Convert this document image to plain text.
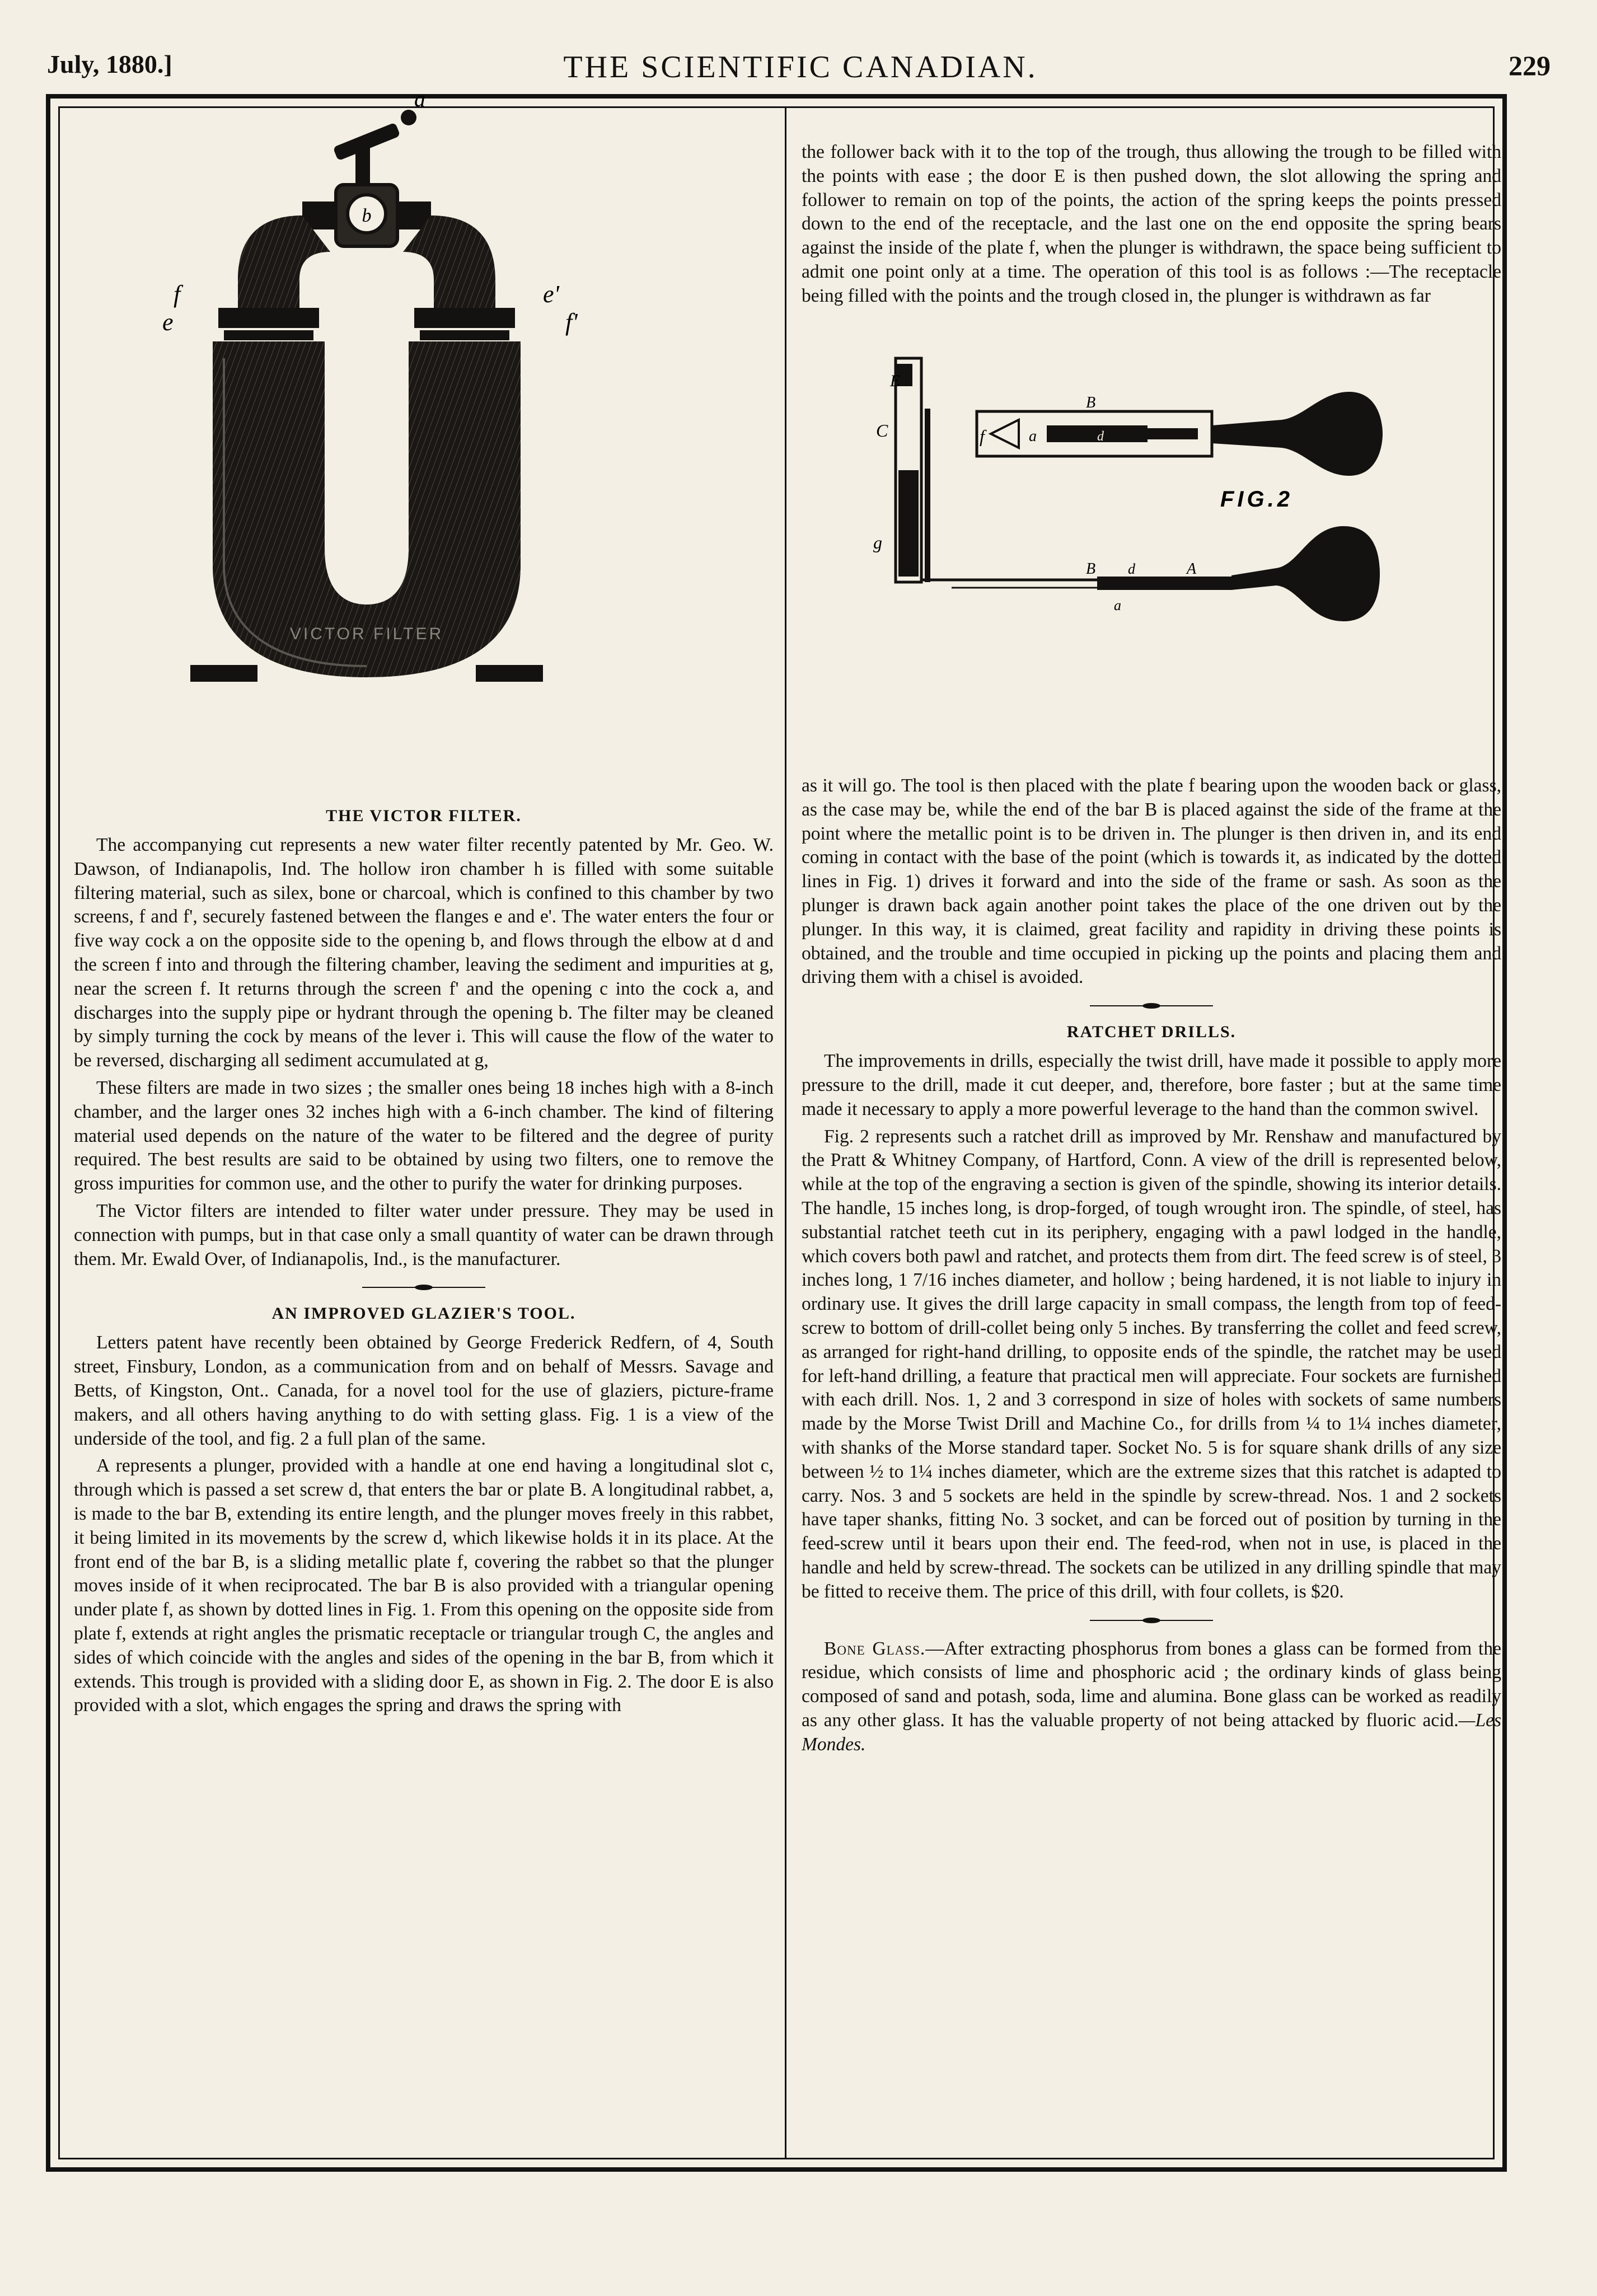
July, 1880.]	THE SCIENTIFIC CANADIAN.	229
THE VICTOR FILTER.

The accompanying cut represents a new water filter recently patented by Mr. Geo. W. Dawson, of Indianapolis, Ind. The hollow iron chamber h is filled with some suitable filtering material, such as silex, bone or charcoal, which is confined to this chamber by two screens, f and f', securely fastened between the flanges e and e'. The water enters the four or five way cock a on the opposite side to the opening b, and flows through the elbow at d and the screen f into and through the filtering chamber, leaving the sediment and impurities at g, near the screen f. It returns through the screen f' and the opening c into the cock a, and discharges into the supply pipe or hydrant through the opening b. The filter may be cleaned by simply turning the cock by means of the lever i. This will cause the flow of the water to be reversed, discharging all sediment accumulated at g,

These filters are made in two sizes ; the smaller ones being 18 inches high with a 8-inch chamber, and the larger ones 32 inches high with a 6-inch chamber. The kind of filtering material used depends on the nature of the water to be filtered and the degree of purity required. The best results are said to be obtained by using two filters, one to remove the gross impurities for common use, and the other to purify the water for drinking purposes.

The Victor filters are intended to filter water under pressure. They may be used in connection with pumps, but in that case only a small quantity of water can be drawn through them. Mr. Ewald Over, of Indianapolis, Ind., is the manufacturer.

AN IMPROVED GLAZIER'S TOOL.

Letters patent have recently been obtained by George Frederick Redfern, of 4, South street, Finsbury, London, as a communication from and on behalf of Messrs. Savage and Betts, of Kingston, Ont.. Canada, for a novel tool for the use of glaziers, picture-frame makers, and all others having anything to do with setting glass. Fig. 1 is a view of the underside of the tool, and fig. 2 a full plan of the same.

A represents a plunger, provided with a handle at one end having a longitudinal slot c, through which is passed a set screw d, that enters the bar or plate B. A longitudinal rabbet, a, is made to the bar B, extending its entire length, and the plunger moves freely in this rabbet, it being limited in its movements by the screw d, which likewise holds it in its place. At the front end of the bar B, is a sliding metallic plate f, covering the rabbet so that the plunger moves inside of it when reciprocated. The bar B is also provided with a triangular opening under plate f, as shown by dotted lines in Fig. 1. From this opening on the opposite side from plate f, extends at right angles the prismatic receptacle or triangular trough C, the angles and sides of which coincide with the angles and sides of the opening in the bar B, from which it extends. This trough is provided with a sliding door E, as shown in Fig. 2. The door E is also provided with a slot, which engages the spring and draws the spring with

the follower back with it to the top of the trough, thus allowing the trough to be filled with the points with ease ; the door E is then pushed down, the slot allowing the spring and follower to remain on top of the points, the action of the spring keeps the points pressed down to the end of the receptacle, and the last one on the end opposite the spring bears against the inside of the plate f, when the plunger is withdrawn, the space being sufficient to admit one point only at a time. The operation of this tool is as follows :—The receptacle being filled with the points and the trough closed in, the plunger is withdrawn as far

as it will go. The tool is then placed with the plate f bearing upon the wooden back or glass, as the case may be, while the end of the bar B is placed against the side of the frame at the point where the metallic point is to be driven in. The plunger is then driven in, and its end coming in contact with the base of the point (which is towards it, as indicated by the dotted lines in Fig. 1) drives it forward and into the side of the frame or sash. As soon as the plunger is drawn back again another point takes the place of the one driven out by the plunger. In this way, it is claimed, great facility and rapidity in driving these points is obtained, and the trouble and time occupied in picking up the points and placing them and driving them with a chisel is avoided.

RATCHET DRILLS.

The improvements in drills, especially the twist drill, have made it possible to apply more pressure to the drill, made it cut deeper, and, therefore, bore faster ; but at the same time made it necessary to apply a more powerful leverage to the hand than the common swivel.

Fig. 2 represents such a ratchet drill as improved by Mr. Renshaw and manufactured by the Pratt & Whitney Company, of Hartford, Conn. A view of the drill is represented below, while at the top of the engraving a section is given of the spindle, showing its interior details. The handle, 15 inches long, is drop-forged, of tough wrought iron. The spindle, of steel, has substantial ratchet teeth cut in its periphery, engaging with a pawl lodged in the handle, which covers both pawl and ratchet, and protects them from dirt. The feed screw is of steel, 3 inches long, 1 7/16 inches diameter, and hollow ; being hardened, it is not liable to injury in ordinary use. It gives the drill large capacity in small compass, the length from top of feed-screw to bottom of drill-collet being only 5 inches. By transferring the collet and feed screw, as arranged for right-hand drilling, to opposite ends of the spindle, the ratchet may be used for left-hand drilling, a feature that practical men will appreciate. Four sockets are furnished with each drill. Nos. 1, 2 and 3 correspond in size of holes with sockets of same numbers made by the Morse Twist Drill and Machine Co., for drills from ¼ to 1¼ inches diameter, with shanks of the Morse standard taper. Socket No. 5 is for square shank drills of any size between ½ to 1¼ inches diameter, which are the extreme sizes that this ratchet is adapted to carry. Nos. 3 and 5 sockets are held in the spindle by screw-thread. Nos. 1 and 2 sockets have taper shanks, fitting No. 3 socket, and can be forced out of position by turning in the feed-screw until it bears upon their end. The feed-rod, when not in use, is placed in the handle and held by screw-thread. The sockets can be utilized in any drilling spindle that may be fitted to receive them. The price of this drill, with four collets, is $20.

Bone Glass.—After extracting phosphorus from bones a glass can be formed from the residue, which consists of lime and phosphoric acid ; the ordinary kinds of glass being composed of sand and potash, soda, lime and alumina. Bone glass can be worked as readily as any other glass. It has the valuable property of not being attacked by fluoric acid.—Les Mondes.

b
VICTOR FILTER
f
e
e'
f'
a
E
C
g
B
f	a	d
B d	A
a
FIG.2
